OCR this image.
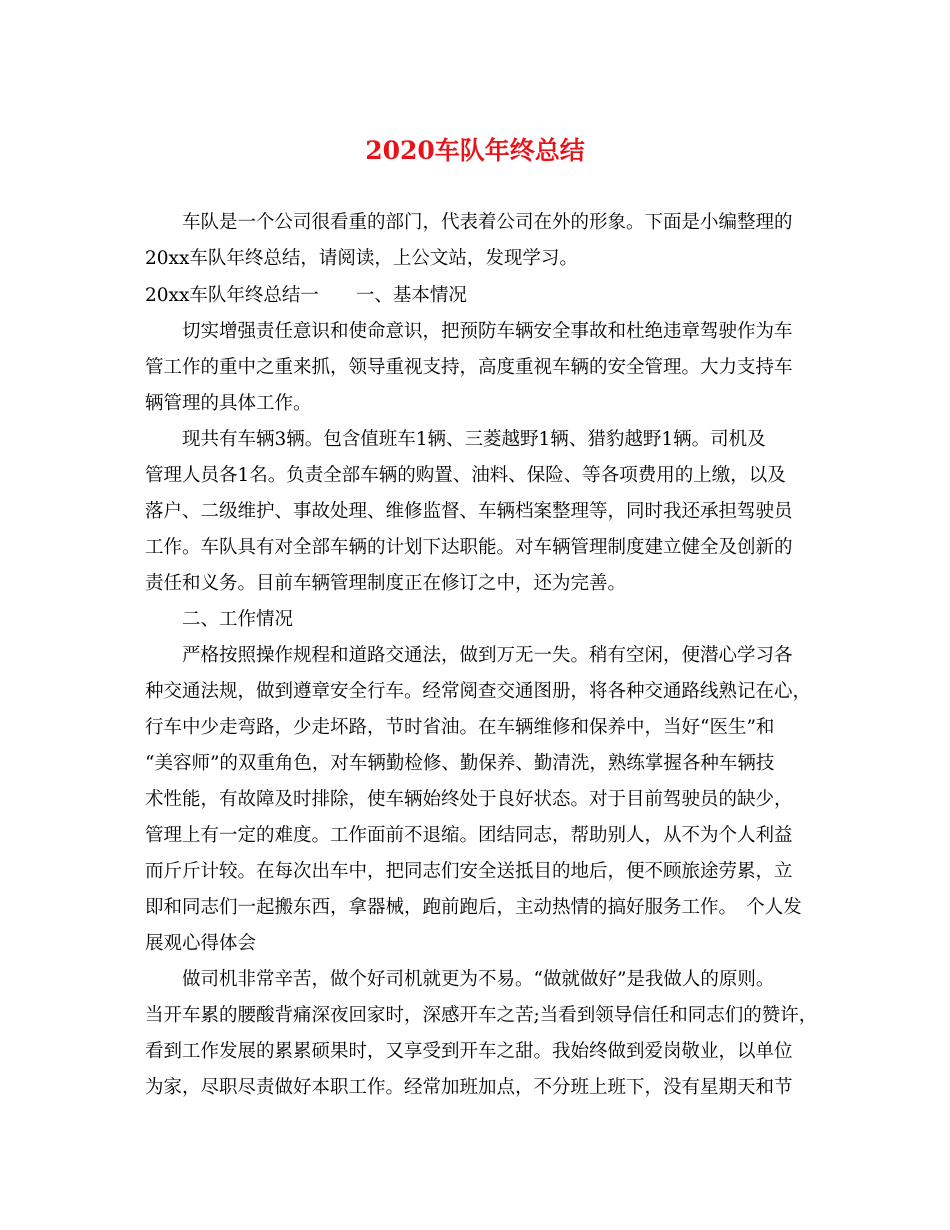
2020车队年终总结

车队是一个公司很看重的部门，代表着公司在外的形象。下面是小编整理的

20xx车队年终总结，请阅读，上公文站，发现学习。

20xx车队年终总结一　　一、基本情况

切实增强责任意识和使命意识，把预防车辆安全事故和杜绝违章驾驶作为车

管工作的重中之重来抓，领导重视支持，高度重视车辆的安全管理。大力支持车

辆管理的具体工作。

现共有车辆3辆。包含值班车1辆、三菱越野1辆、猎豹越野1辆。司机及

管理人员各1名。负责全部车辆的购置、油料、保险、等各项费用的上缴，以及

落户、二级维护、事故处理、维修监督、车辆档案整理等，同时我还承担驾驶员

工作。车队具有对全部车辆的计划下达职能。对车辆管理制度建立健全及创新的

责任和义务。目前车辆管理制度正在修订之中，还为完善。

二、工作情况

严格按照操作规程和道路交通法，做到万无一失。稍有空闲，便潜心学习各

种交通法规，做到遵章安全行车。经常阅查交通图册，将各种交通路线熟记在心，

行车中少走弯路，少走坏路，节时省油。在车辆维修和保养中，当好“医生”和

“美容师”的双重角色，对车辆勤检修、勤保养、勤清洗，熟练掌握各种车辆技

术性能，有故障及时排除，使车辆始终处于良好状态。对于目前驾驶员的缺少，

管理上有一定的难度。工作面前不退缩。团结同志，帮助别人，从不为个人利益

而斤斤计较。在每次出车中，把同志们安全送抵目的地后，便不顾旅途劳累，立

即和同志们一起搬东西，拿器械，跑前跑后，主动热情的搞好服务工作。　个人发

展观心得体会

做司机非常辛苦，做个好司机就更为不易。“做就做好”是我做人的原则。

当开车累的腰酸背痛深夜回家时，深感开车之苦;当看到领导信任和同志们的赞许，

看到工作发展的累累硕果时，又享受到开车之甜。我始终做到爱岗敬业，以单位

为家，尽职尽责做好本职工作。经常加班加点，不分班上班下，没有星期天和节
